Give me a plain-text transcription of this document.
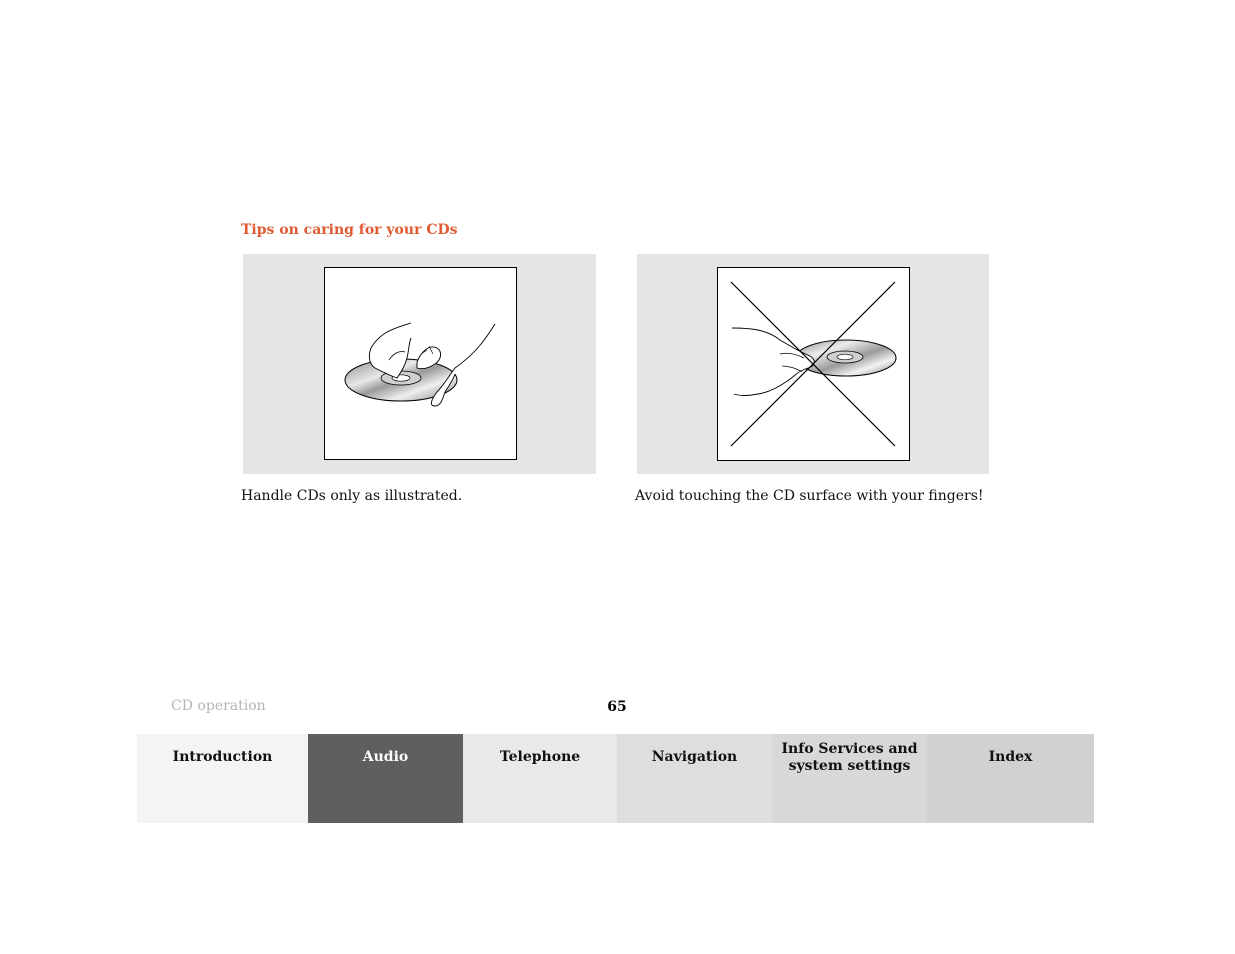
Tips on caring for your CDs
Handle CDs only as illustrated.	Avoid touching the CD surface with your fingers!
CD operation	65
Introduction	Audio	Telephone	Navigation	Info Services and
system settings
Index
